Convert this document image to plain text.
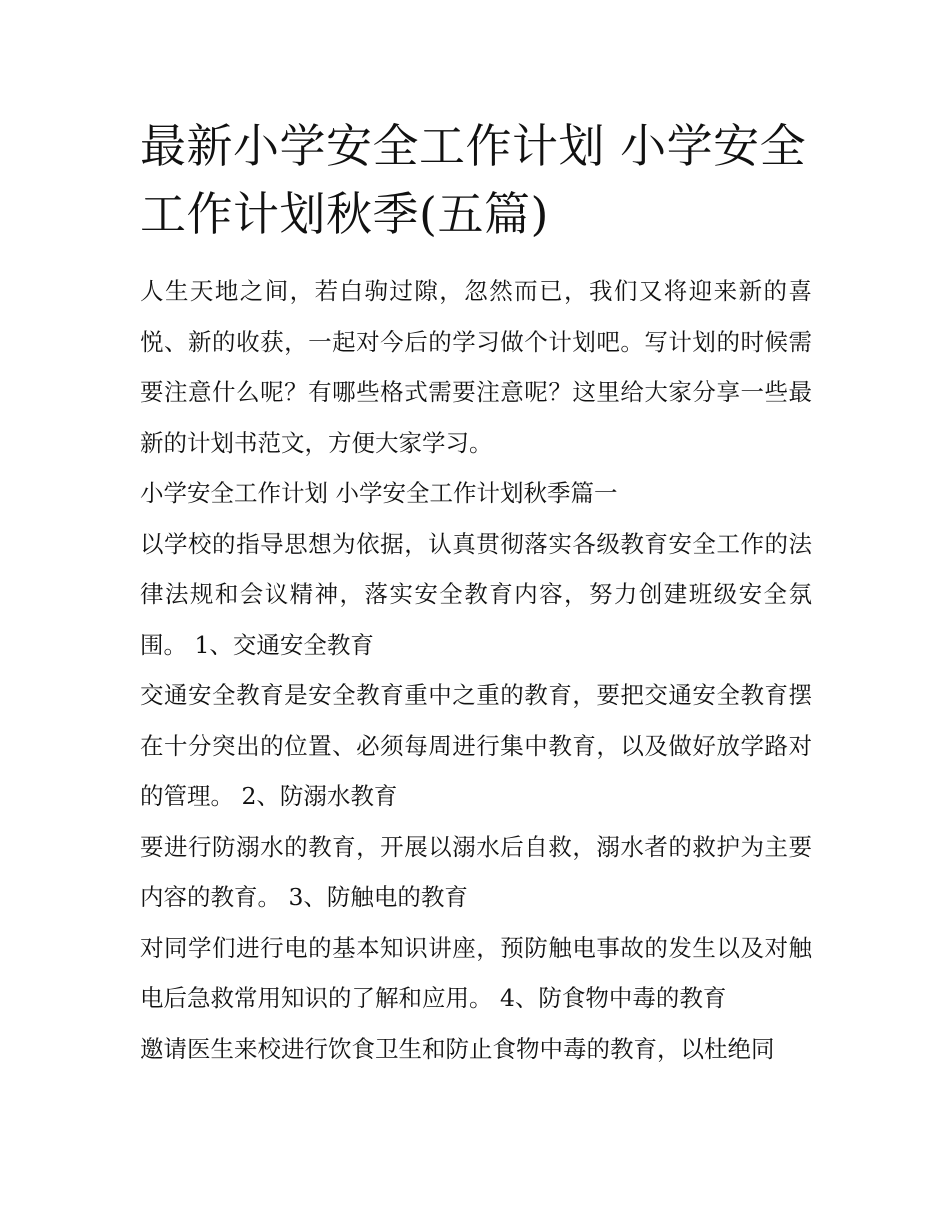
最新小学安全工作计划 小学安全工作计划秋季(五篇)

人生天地之间，若白驹过隙，忽然而已，我们又将迎来新的喜悦、新的收获，一起对今后的学习做个计划吧。写计划的时候需要注意什么呢？有哪些格式需要注意呢？这里给大家分享一些最新的计划书范文，方便大家学习。

小学安全工作计划 小学安全工作计划秋季篇一

以学校的指导思想为依据，认真贯彻落实各级教育安全工作的法律法规和会议精神，落实安全教育内容，努力创建班级安全氛围。 1、交通安全教育

交通安全教育是安全教育重中之重的教育，要把交通安全教育摆在十分突出的位置、必须每周进行集中教育，以及做好放学路对的管理。 2、防溺水教育

要进行防溺水的教育，开展以溺水后自救，溺水者的救护为主要内容的教育。 3、防触电的教育

对同学们进行电的基本知识讲座，预防触电事故的发生以及对触电后急救常用知识的了解和应用。 4、防食物中毒的教育

邀请医生来校进行饮食卫生和防止食物中毒的教育，以杜绝同
